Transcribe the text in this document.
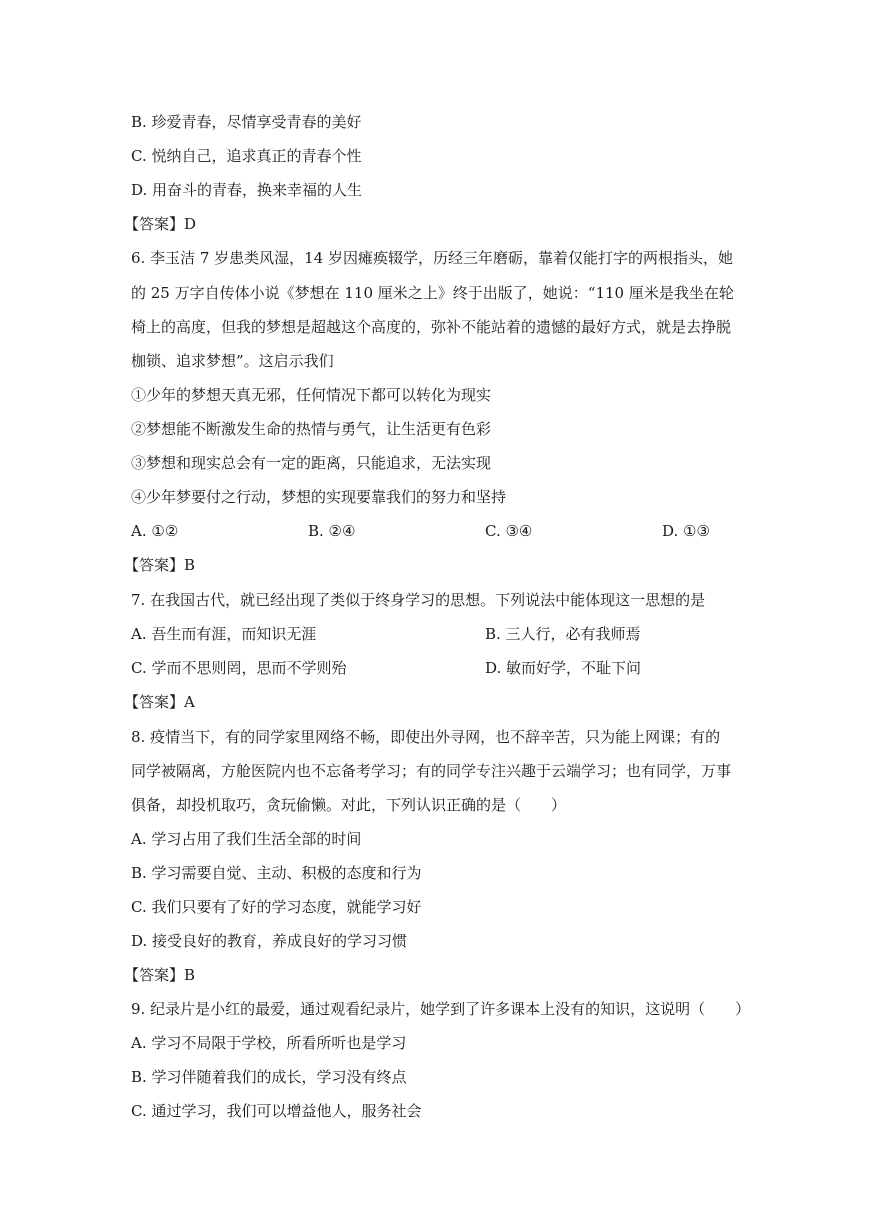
B. 珍爱青春，尽情享受青春的美好
C. 悦纳自己，追求真正的青春个性
D. 用奋斗的青春，换来幸福的人生
【答案】D
6. 李玉洁 7 岁患类风湿，14 岁因瘫痪辍学，历经三年磨砺，靠着仅能打字的两根指头，她
的 25 万字自传体小说《梦想在 110 厘米之上》终于出版了，她说：“110 厘米是我坐在轮
椅上的高度，但我的梦想是超越这个高度的，弥补不能站着的遗憾的最好方式，就是去挣脱
枷锁、追求梦想”。这启示我们
①少年的梦想天真无邪，任何情况下都可以转化为现实
②梦想能不断激发生命的热情与勇气，让生活更有色彩
③梦想和现实总会有一定的距离，只能追求，无法实现
④少年梦要付之行动，梦想的实现要靠我们的努力和坚持
A. ①②	B. ②④	C. ③④	D. ①③
【答案】B
7. 在我国古代，就已经出现了类似于终身学习的思想。下列说法中能体现这一思想的是
A. 吾生而有涯，而知识无涯	B. 三人行，必有我师焉
C. 学而不思则罔，思而不学则殆	D. 敏而好学，不耻下问
【答案】A
8. 疫情当下，有的同学家里网络不畅，即使出外寻网，也不辞辛苦，只为能上网课；有的
同学被隔离，方舱医院内也不忘备考学习；有的同学专注兴趣于云端学习；也有同学，万事
俱备，却投机取巧，贪玩偷懒。对此，下列认识正确的是（　　）
A. 学习占用了我们生活全部的时间
B. 学习需要自觉、主动、积极的态度和行为
C. 我们只要有了好的学习态度，就能学习好
D. 接受良好的教育，养成良好的学习习惯
【答案】B
9. 纪录片是小红的最爱，通过观看纪录片，她学到了许多课本上没有的知识，这说明（　　）
A. 学习不局限于学校，所看所听也是学习
B. 学习伴随着我们的成长，学习没有终点
C. 通过学习，我们可以增益他人，服务社会
